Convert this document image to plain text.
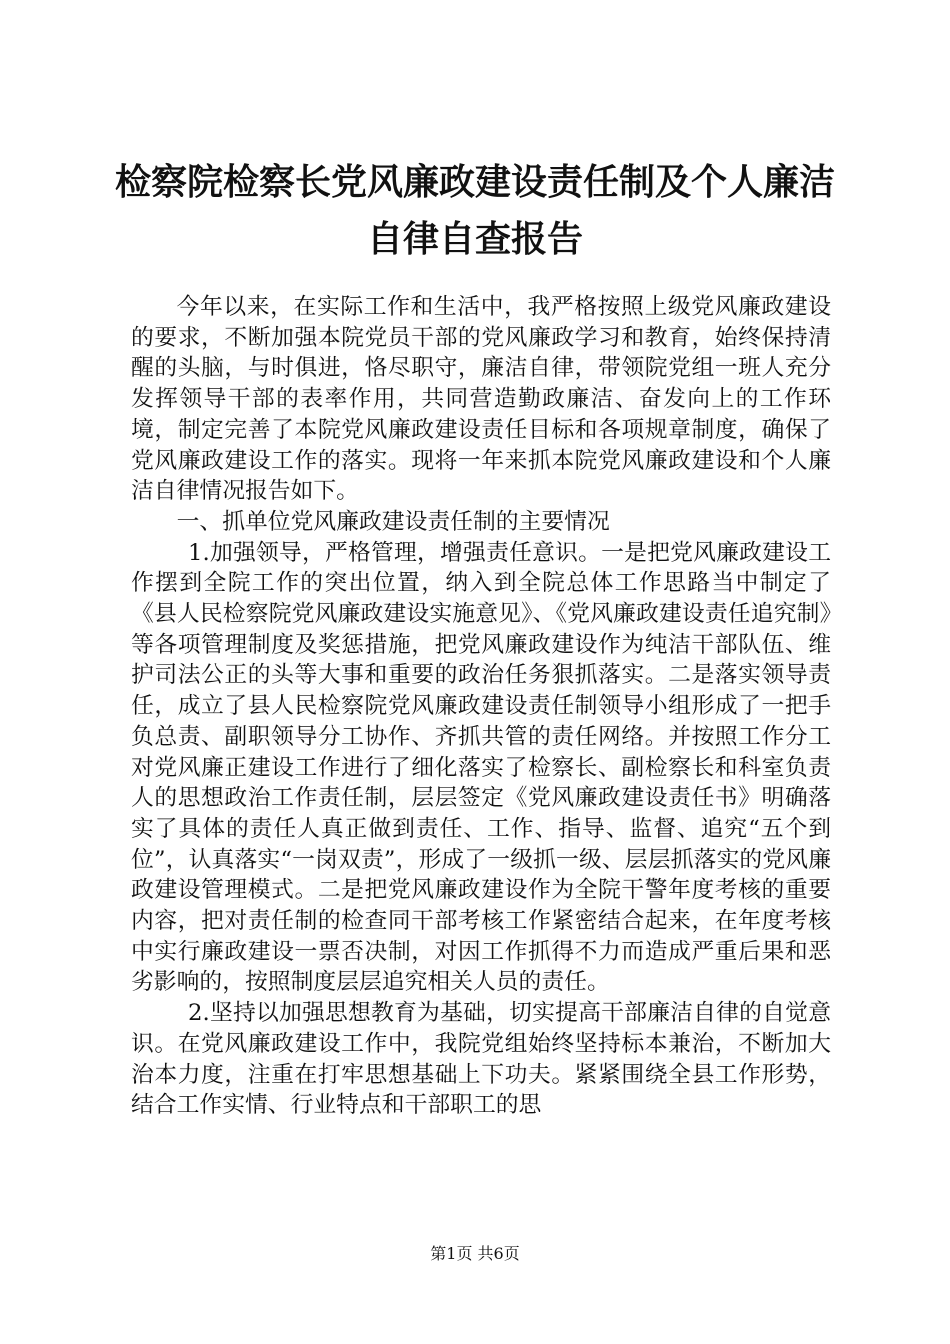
检察院检察长党风廉政建设责任制及个人廉洁
自律自查报告

今年以来，在实际工作和生活中，我严格按照上级党风廉政建设的要求，不断加强本院党员干部的党风廉政学习和教育，始终保持清醒的头脑，与时俱进，恪尽职守，廉洁自律，带领院党组一班人充分发挥领导干部的表率作用，共同营造勤政廉洁、奋发向上的工作环境，制定完善了本院党风廉政建设责任目标和各项规章制度，确保了党风廉政建设工作的落实。现将一年来抓本院党风廉政建设和个人廉洁自律情况报告如下。

一、抓单位党风廉政建设责任制的主要情况

1.加强领导，严格管理，增强责任意识。一是把党风廉政建设工作摆到全院工作的突出位置，纳入到全院总体工作思路当中制定了《县人民检察院党风廉政建设实施意见》、《党风廉政建设责任追究制》等各项管理制度及奖惩措施，把党风廉政建设作为纯洁干部队伍、维护司法公正的头等大事和重要的政治任务狠抓落实。二是落实领导责任，成立了县人民检察院党风廉政建设责任制领导小组形成了一把手负总责、副职领导分工协作、齐抓共管的责任网络。并按照工作分工对党风廉正建设工作进行了细化落实了检察长、副检察长和科室负责人的思想政治工作责任制，层层签定《党风廉政建设责任书》明确落实了具体的责任人真正做到责任、工作、指导、监督、追究“五个到位”，认真落实“一岗双责”，形成了一级抓一级、层层抓落实的党风廉政建设管理模式。二是把党风廉政建设作为全院干警年度考核的重要内容，把对责任制的检查同干部考核工作紧密结合起来，在年度考核中实行廉政建设一票否决制，对因工作抓得不力而造成严重后果和恶劣影响的，按照制度层层追究相关人员的责任。

2.坚持以加强思想教育为基础，切实提高干部廉洁自律的自觉意识。在党风廉政建设工作中，我院党组始终坚持标本兼治，不断加大治本力度，注重在打牢思想基础上下功夫。紧紧围绕全县工作形势，结合工作实情、行业特点和干部职工的思

第1页 共6页
